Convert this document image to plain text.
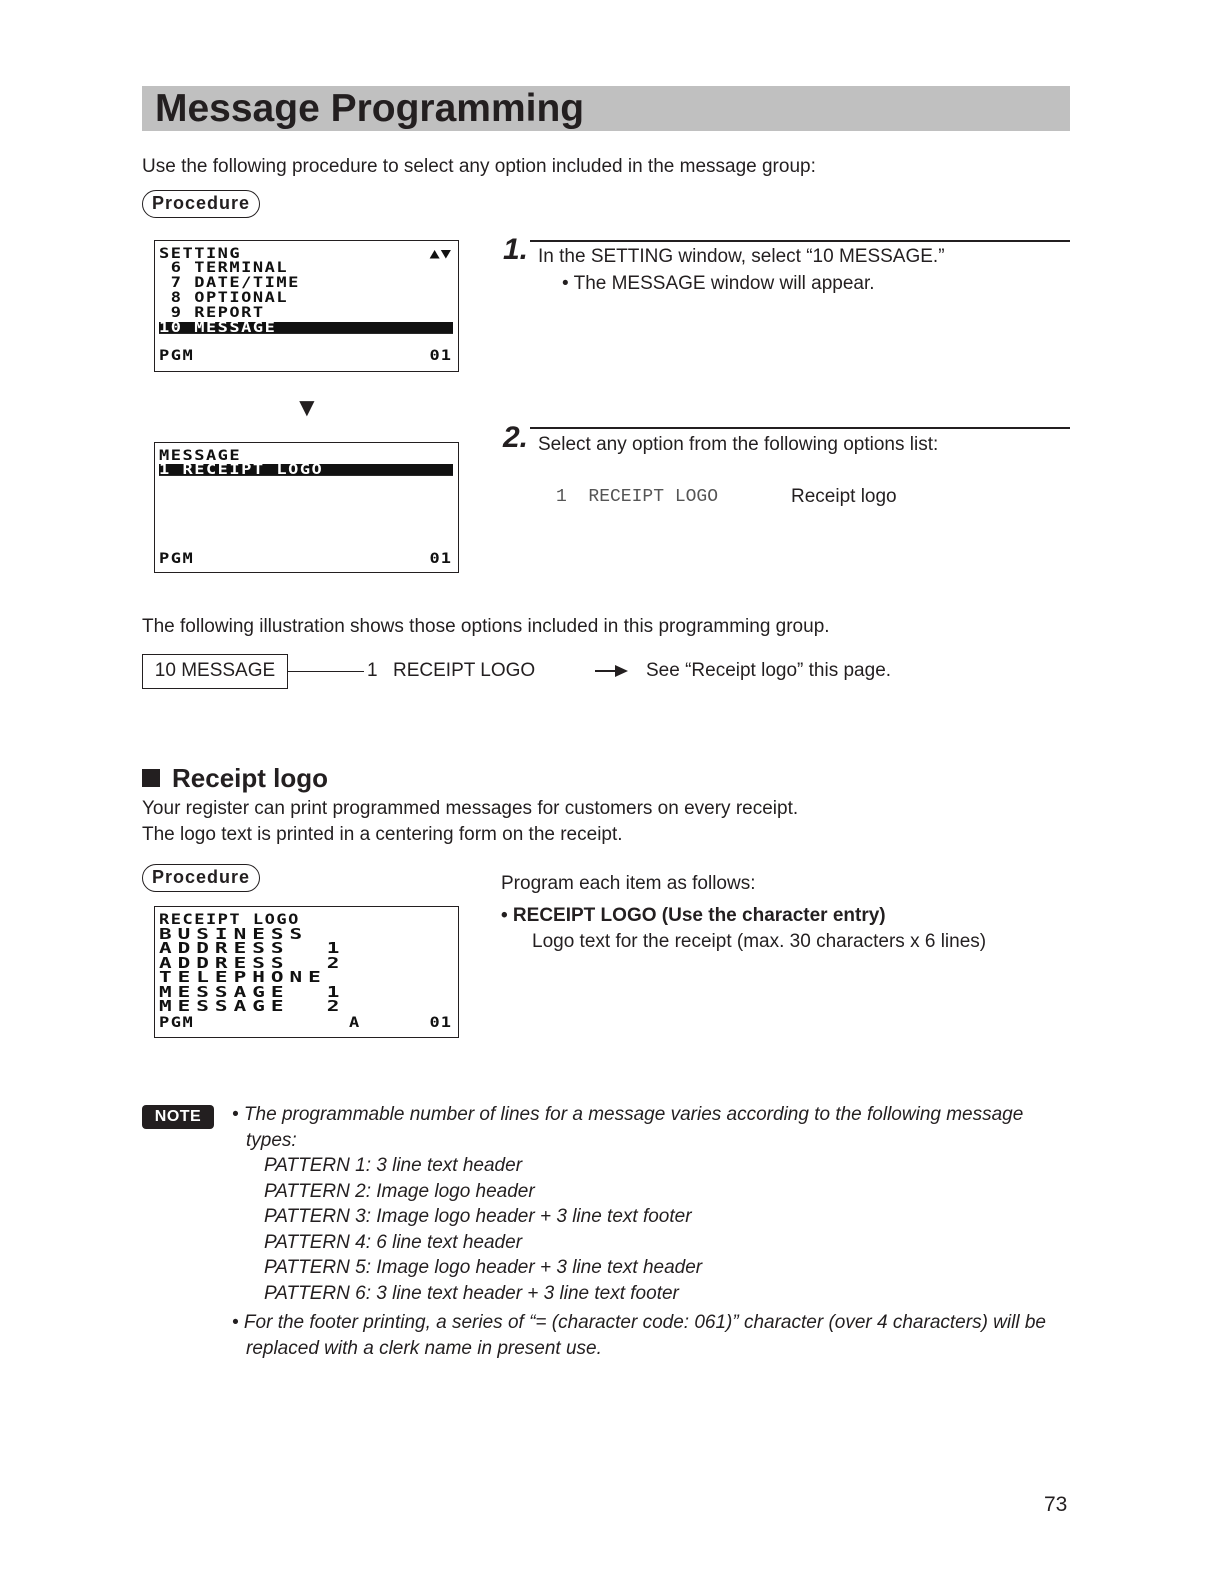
Message Programming
Use the following procedure to select any option included in the message group:
Procedure
SETTING	▲▼
6 TERMINAL
7 DATE/TIME
8 OPTIONAL
9 REPORT
10 MESSAGE
PGM	01
▼
MESSAGE
1 RECEIPT LOGO
PGM	01
1. In the SETTING window, select “10 MESSAGE.”
• The MESSAGE window will appear.
2. Select any option from the following options list:
1  RECEIPT LOGO	Receipt logo
The following illustration shows those options included in this programming group.
10 MESSAGE	1 RECEIPT LOGO	See “Receipt logo” this page.
Receipt logo
Your register can print programmed messages for customers on every receipt.
The logo text is printed in a centering form on the receipt.
Procedure
RECEIPT LOGO
BUSINESS
ADDRESS  1
ADDRESS  2
TELEPHONE
MESSAGE  1
MESSAGE  2
PGM	A	01
Program each item as follows:
• RECEIPT LOGO (Use the character entry)
Logo text for the receipt (max. 30 characters x 6 lines)
NOTE	• The programmable number of lines for a message varies according to the following message
types:
PATTERN 1: 3 line text header
PATTERN 2: Image logo header
PATTERN 3: Image logo header + 3 line text footer
PATTERN 4: 6 line text header
PATTERN 5: Image logo header + 3 line text header
PATTERN 6: 3 line text header + 3 line text footer
• For the footer printing, a series of “= (character code: 061)” character (over 4 characters) will be
replaced with a clerk name in present use.
73
